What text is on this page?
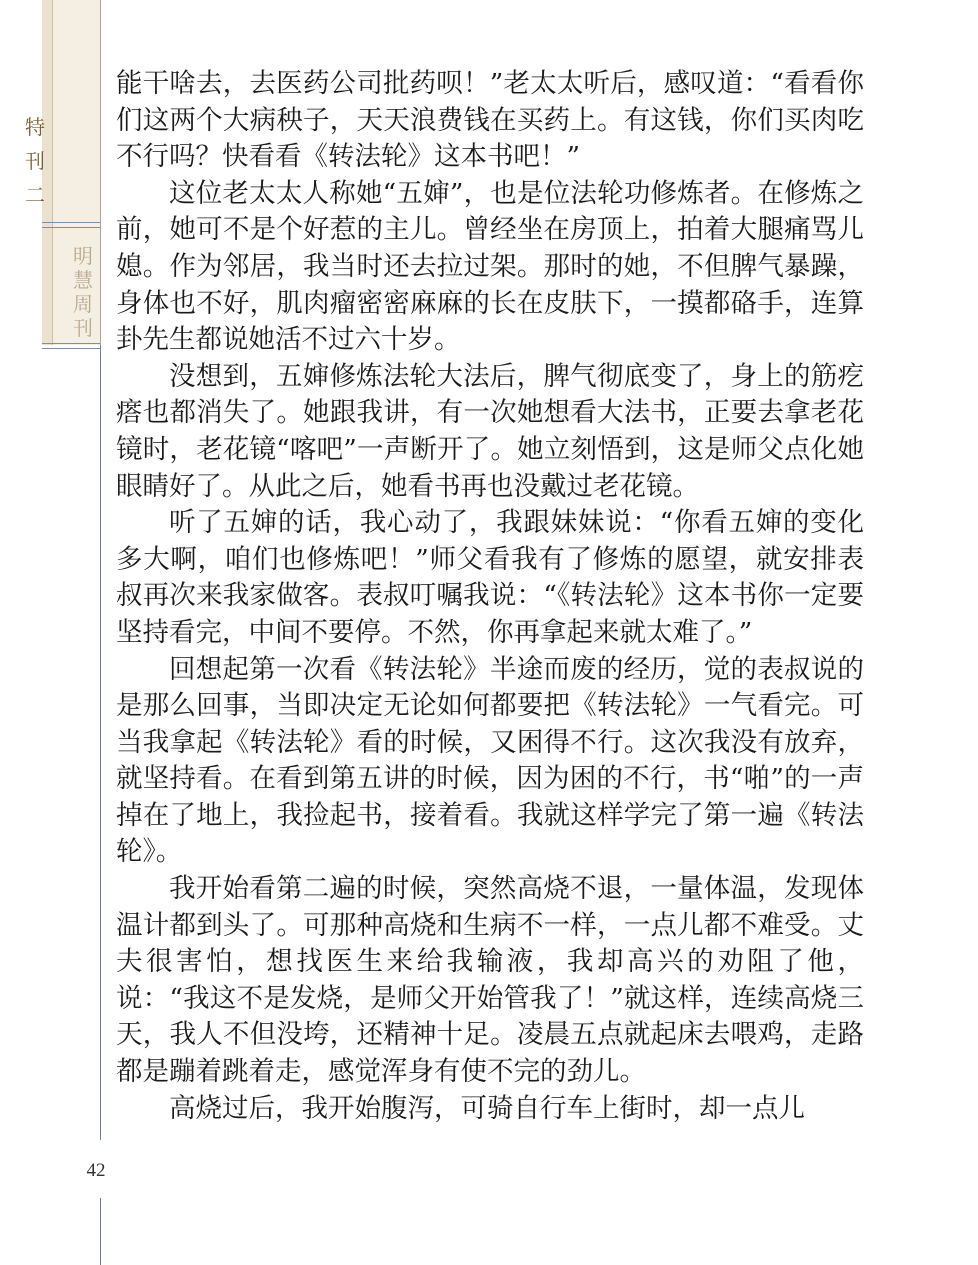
特
刊
二
明
慧
周
刊
42

能干啥去，去医药公司批药呗！”老太太听后，感叹道：“看看你们这两个大病秧子，天天浪费钱在买药上。有这钱，你们买肉吃不行吗？快看看《转法轮》这本书吧！”

这位老太太人称她“五婶”，也是位法轮功修炼者。在修炼之前，她可不是个好惹的主儿。曾经坐在房顶上，拍着大腿痛骂儿媳。作为邻居，我当时还去拉过架。那时的她，不但脾气暴躁，身体也不好，肌肉瘤密密麻麻的长在皮肤下，一摸都硌手，连算卦先生都说她活不过六十岁。

没想到，五婶修炼法轮大法后，脾气彻底变了，身上的筋疙瘩也都消失了。她跟我讲，有一次她想看大法书，正要去拿老花镜时，老花镜“喀吧”一声断开了。她立刻悟到，这是师父点化她眼睛好了。从此之后，她看书再也没戴过老花镜。

听了五婶的话，我心动了，我跟妹妹说：“你看五婶的变化多大啊，咱们也修炼吧！”师父看我有了修炼的愿望，就安排表叔再次来我家做客。表叔叮嘱我说：“《转法轮》这本书你一定要坚持看完，中间不要停。不然，你再拿起来就太难了。”

回想起第一次看《转法轮》半途而废的经历，觉的表叔说的是那么回事，当即决定无论如何都要把《转法轮》一气看完。可当我拿起《转法轮》看的时候，又困得不行。这次我没有放弃，就坚持看。在看到第五讲的时候，因为困的不行，书“啪”的一声掉在了地上，我捡起书，接着看。我就这样学完了第一遍《转法轮》。

我开始看第二遍的时候，突然高烧不退，一量体温，发现体温计都到头了。可那种高烧和生病不一样，一点儿都不难受。丈夫很害怕，想找医生来给我输液，我却高兴的劝阻了他，说：“我这不是发烧，是师父开始管我了！”就这样，连续高烧三天，我人不但没垮，还精神十足。凌晨五点就起床去喂鸡，走路都是蹦着跳着走，感觉浑身有使不完的劲儿。

高烧过后，我开始腹泻，可骑自行车上街时，却一点儿
